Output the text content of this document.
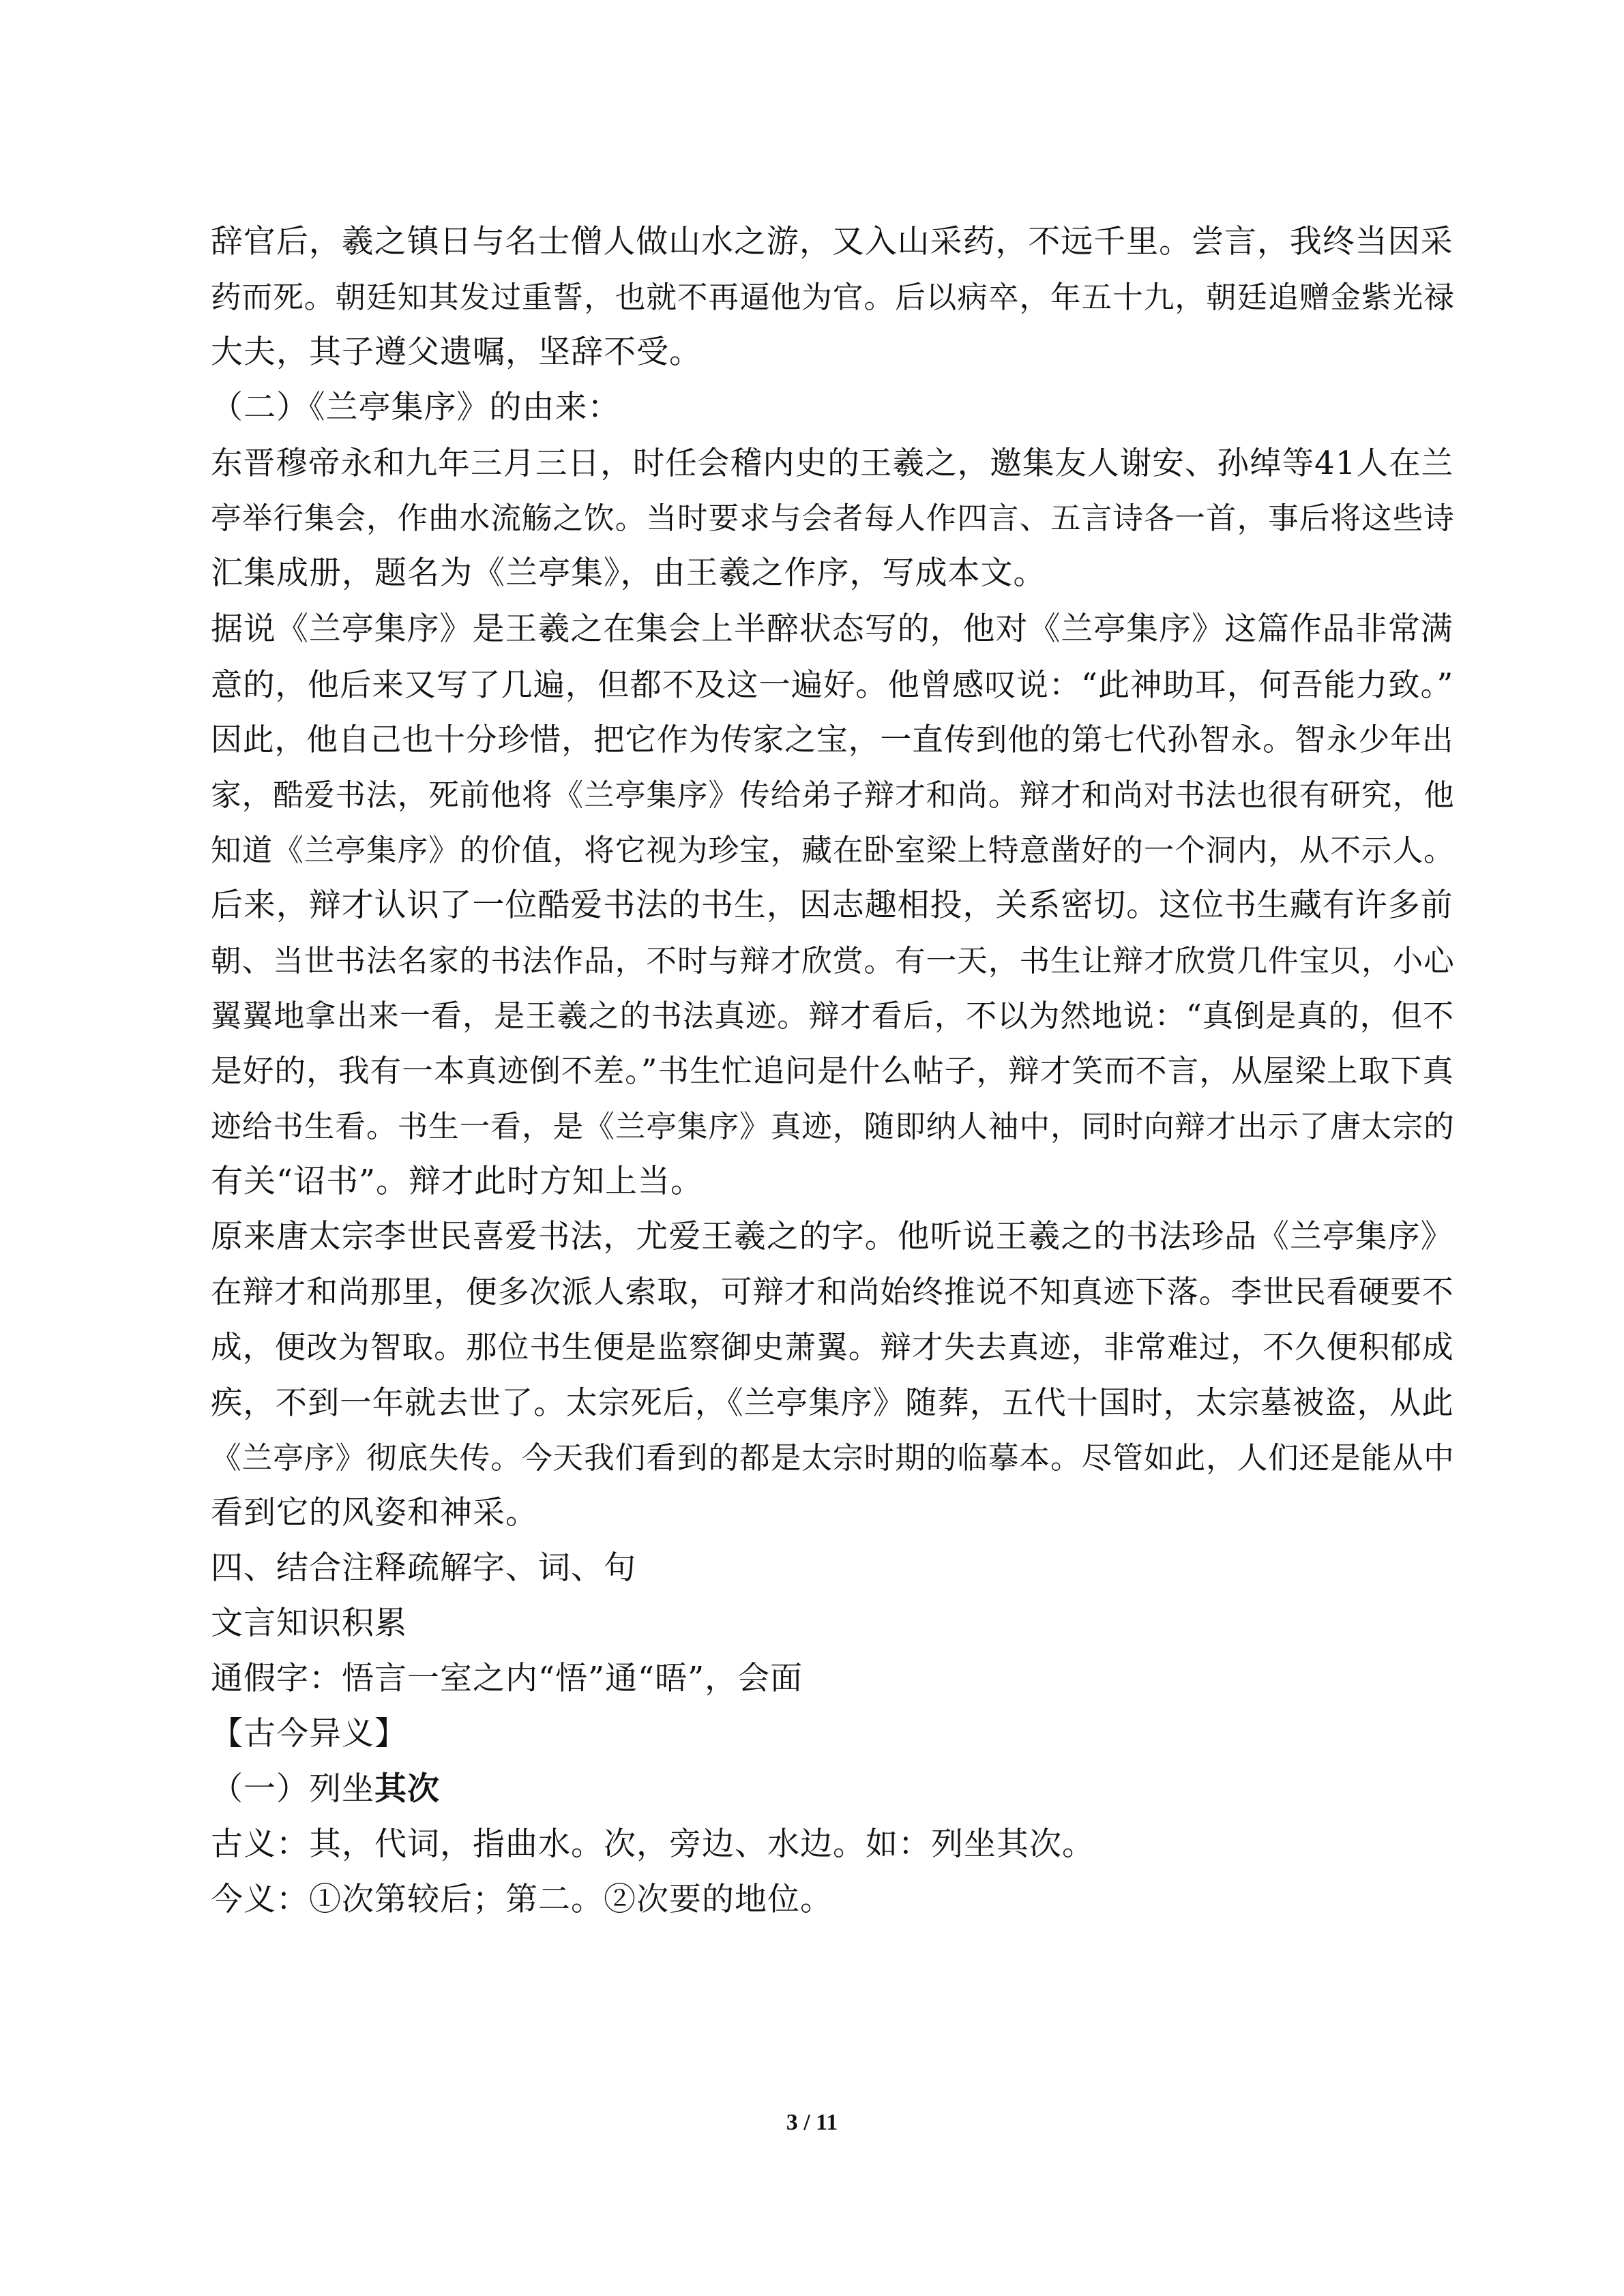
辞官后，羲之镇日与名士僧人做山水之游，又入山采药，不远千里。尝言，我终当因采
药而死。朝廷知其发过重誓，也就不再逼他为官。后以病卒，年五十九，朝廷追赠金紫光禄
大夫，其子遵父遗嘱，坚辞不受。
（二）《兰亭集序》的由来：
东晋穆帝永和九年三月三日，时任会稽内史的王羲之，邀集友人谢安、孙绰等41人在兰
亭举行集会，作曲水流觞之饮。当时要求与会者每人作四言、五言诗各一首，事后将这些诗
汇集成册，题名为《兰亭集》，由王羲之作序，写成本文。
据说《兰亭集序》是王羲之在集会上半醉状态写的，他对《兰亭集序》这篇作品非常满
意的，他后来又写了几遍，但都不及这一遍好。他曾感叹说：“此神助耳，何吾能力致。”
因此，他自己也十分珍惜，把它作为传家之宝，一直传到他的第七代孙智永。智永少年出
家，酷爱书法，死前他将《兰亭集序》传给弟子辩才和尚。辩才和尚对书法也很有研究，他
知道《兰亭集序》的价值，将它视为珍宝，藏在卧室梁上特意凿好的一个洞内，从不示人。
后来，辩才认识了一位酷爱书法的书生，因志趣相投，关系密切。这位书生藏有许多前
朝、当世书法名家的书法作品，不时与辩才欣赏。有一天，书生让辩才欣赏几件宝贝，小心
翼翼地拿出来一看，是王羲之的书法真迹。辩才看后，不以为然地说：“真倒是真的，但不
是好的，我有一本真迹倒不差。”书生忙追问是什么帖子，辩才笑而不言，从屋梁上取下真
迹给书生看。书生一看，是《兰亭集序》真迹，随即纳人袖中，同时向辩才出示了唐太宗的
有关“诏书”。辩才此时方知上当。
原来唐太宗李世民喜爱书法，尤爱王羲之的字。他听说王羲之的书法珍品《兰亭集序》
在辩才和尚那里，便多次派人索取，可辩才和尚始终推说不知真迹下落。李世民看硬要不
成，便改为智取。那位书生便是监察御史萧翼。辩才失去真迹，非常难过，不久便积郁成
疾，不到一年就去世了。太宗死后，《兰亭集序》随葬，五代十国时，太宗墓被盗，从此
《兰亭序》彻底失传。今天我们看到的都是太宗时期的临摹本。尽管如此，人们还是能从中
看到它的风姿和神采。
四、结合注释疏解字、词、句
文言知识积累
通假字：悟言一室之内“悟”通“晤”，会面
【古今异义】
（一）列坐其次
古义：其，代词，指曲水。次，旁边、水边。如：列坐其次。
今义：①次第较后；第二。②次要的地位。
3 / 11
